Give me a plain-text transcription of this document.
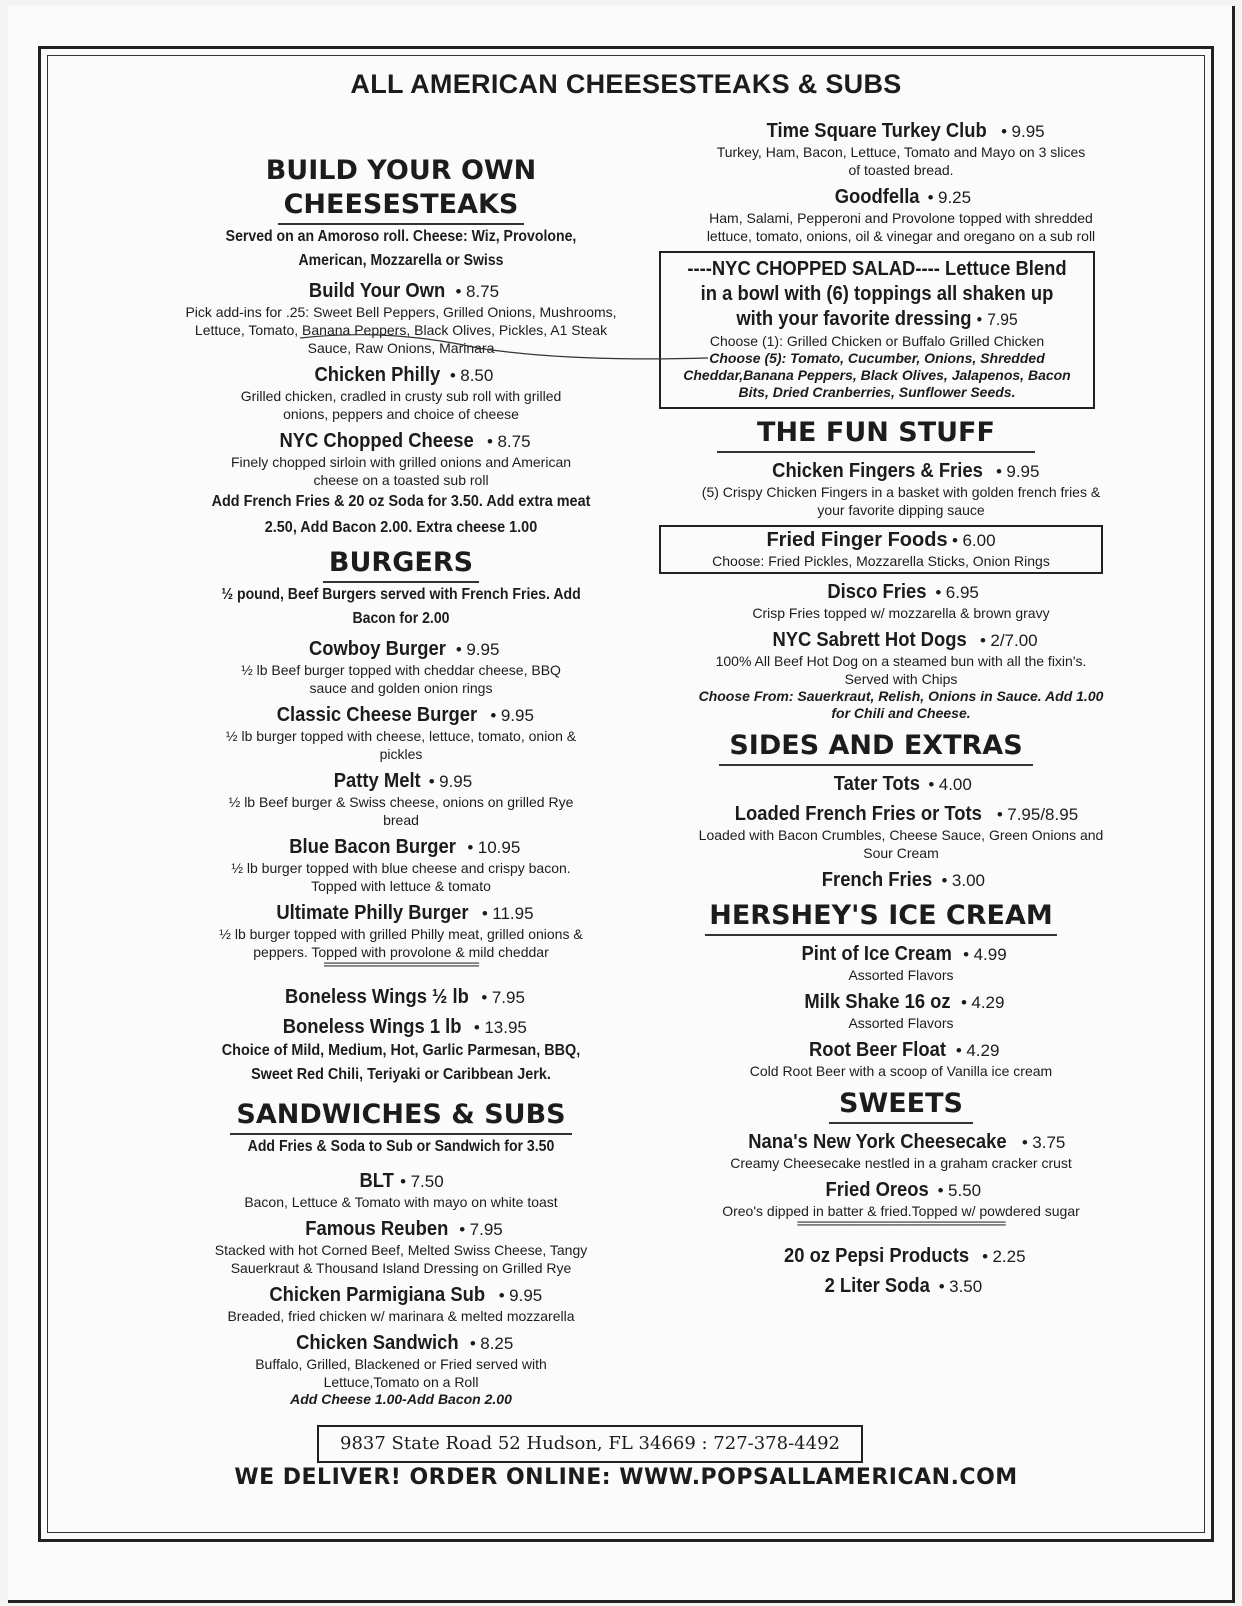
ALL AMERICAN CHEESESTEAKS & SUBS
BUILD YOUR OWN
CHEESESTEAKS
Served on an Amoroso roll. Cheese: Wiz, Provolone, American, Mozzarella or Swiss
Build Your Own • 8.75
Pick add-ins for .25: Sweet Bell Peppers, Grilled Onions, Mushrooms, Lettuce, Tomato, Banana Peppers, Black Olives, Pickles, A1 Steak Sauce, Raw Onions, Marinara
Chicken Philly • 8.50
Grilled chicken, cradled in crusty sub roll with grilled onions, peppers and choice of cheese
NYC Chopped Cheese • 8.75
Finely chopped sirloin with grilled onions and American cheese on a toasted sub roll
Add French Fries & 20 oz Soda for 3.50. Add extra meat 2.50, Add Bacon 2.00. Extra cheese 1.00
BURGERS
½ pound, Beef Burgers served with French Fries. Add Bacon for 2.00
Cowboy Burger • 9.95
½ lb Beef burger topped with cheddar cheese, BBQ sauce and golden onion rings
Classic Cheese Burger • 9.95
½ lb burger topped with cheese, lettuce, tomato, onion & pickles
Patty Melt • 9.95
½ lb Beef burger & Swiss cheese, onions on grilled Rye bread
Blue Bacon Burger • 10.95
½ lb burger topped with blue cheese and crispy bacon. Topped with lettuce & tomato
Ultimate Philly Burger • 11.95
½ lb burger topped with grilled Philly meat, grilled onions & peppers. Topped with provolone & mild cheddar
================================
Boneless Wings ½ lb • 7.95
Boneless Wings 1 lb • 13.95
Choice of Mild, Medium, Hot, Garlic Parmesan, BBQ, Sweet Red Chili, Teriyaki or Caribbean Jerk.
SANDWICHES & SUBS
Add Fries & Soda to Sub or Sandwich for 3.50
BLT • 7.50
Bacon, Lettuce & Tomato with mayo on white toast
Famous Reuben • 7.95
Stacked with hot Corned Beef, Melted Swiss Cheese, Tangy Sauerkraut & Thousand Island Dressing on Grilled Rye
Chicken Parmigiana Sub • 9.95
Breaded, fried chicken w/ marinara & melted mozzarella
Chicken Sandwich • 8.25
Buffalo, Grilled, Blackened or Fried served with Lettuce,Tomato on a Roll
Add Cheese 1.00-Add Bacon 2.00
Time Square Turkey Club • 9.95
Turkey, Ham, Bacon, Lettuce, Tomato and Mayo on 3 slices of toasted bread.
Goodfella • 9.25
Ham, Salami, Pepperoni and Provolone topped with shredded lettuce, tomato, onions, oil & vinegar and oregano on a sub roll
----NYC CHOPPED SALAD---- Lettuce Blend in a bowl with (6) toppings all shaken up with your favorite dressing • 7.95
Choose (1): Grilled Chicken or Buffalo Grilled Chicken
Choose (5): Tomato, Cucumber, Onions, Shredded Cheddar,Banana Peppers, Black Olives, Jalapenos, Bacon Bits, Dried Cranberries, Sunflower Seeds.
THE FUN STUFF
Chicken Fingers & Fries • 9.95
(5) Crispy Chicken Fingers in a basket with golden french fries & your favorite dipping sauce
Fried Finger Foods • 6.00
Choose: Fried Pickles, Mozzarella Sticks, Onion Rings
Disco Fries • 6.95
Crisp Fries topped w/ mozzarella & brown gravy
NYC Sabrett Hot Dogs • 2/7.00
100% All Beef Hot Dog on a steamed bun with all the fixin's. Served with Chips
Choose From: Sauerkraut, Relish, Onions in Sauce. Add 1.00 for Chili and Cheese.
SIDES AND EXTRAS
Tater Tots • 4.00
Loaded French Fries or Tots • 7.95/8.95
Loaded with Bacon Crumbles, Cheese Sauce, Green Onions and Sour Cream
French Fries • 3.00
HERSHEY'S ICE CREAM
Pint of Ice Cream • 4.99
Assorted Flavors
Milk Shake 16 oz • 4.29
Assorted Flavors
Root Beer Float • 4.29
Cold Root Beer with a scoop of Vanilla ice cream
SWEETS
Nana's New York Cheesecake • 3.75
Creamy Cheesecake nestled in a graham cracker crust
Fried Oreos • 5.50
Oreo's dipped in batter & fried.Topped w/ powdered sugar
===========================================
20 oz Pepsi Products • 2.25
2 Liter Soda • 3.50
9837 State Road 52 Hudson, FL 34669 : 727-378-4492
WE DELIVER! ORDER ONLINE: WWW.POPSALLAMERICAN.COM
